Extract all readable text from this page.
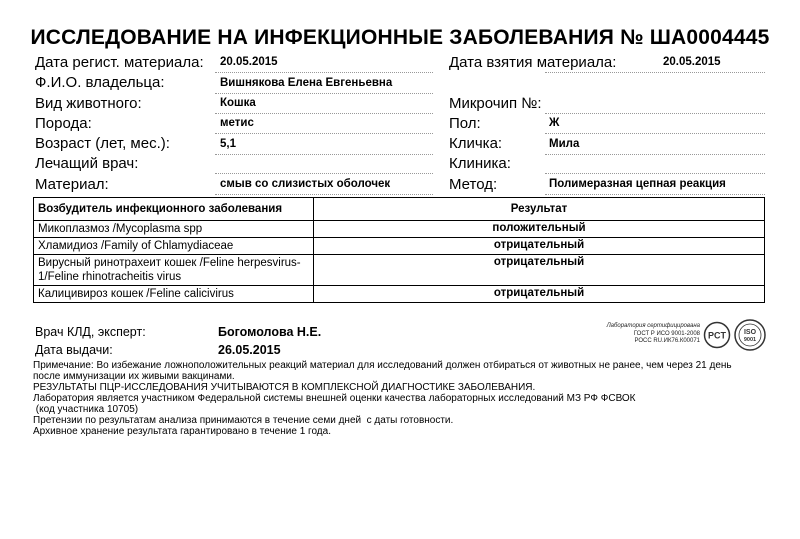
ИССЛЕДОВАНИЕ НА ИНФЕКЦИОННЫЕ ЗАБОЛЕВАНИЯ № ША0004445
Дата регист. материала: 20.05.2015
Ф.И.О. владельца:	Вишнякова Елена Евгеньевна
Вид животного:	Кошка
Порода:	метис
Возраст (лет, мес.):	5,1
Лечащий врач:
Материал:	смыв со слизистых оболочек
Дата взятия материала:	20.05.2015
Микрочип №:
Пол:	Ж
Кличка:	Мила
Клиника:
Метод:	Полимеразная цепная реакция
Возбудитель инфекционного заболевания	Результат
Микоплазмоз /Mycoplasma spp	положительный
Хламидиоз /Family of Chlamydiaceae	отрицательный
Вирусный ринотрахеит кошек /Feline herpesvirus-1/Feline rhinotracheitis virus	отрицательный
Калицивироз кошек /Feline calicivirus	отрицательный
Врач КЛД, эксперт:	Богомолова Н.Е.
Дата выдачи:	26.05.2015
Лаборатория сертифицирована
ГОСТ Р ИСО 9001-2008
РОСС RU.ИК76.К00071
PCT	ISO
9001
Примечание: Во избежание ложноположительных реакций материал для исследований должен отбираться от животных не ранее, чем через 21 день после иммунизации их живыми вакцинами.
РЕЗУЛЬТАТЫ ПЦР-ИССЛЕДОВАНИЯ УЧИТЫВАЮТСЯ В КОМПЛЕКСНОЙ ДИАГНОСТИКЕ ЗАБОЛЕВАНИЯ.
Лаборатория является участником Федеральной системы внешней оценки качества лабораторных исследований МЗ РФ ФСВОК
(код участника 10705)
Претензии по результатам анализа принимаются в течение семи дней  с даты готовности.
Архивное хранение результата гарантировано в течение 1 года.
